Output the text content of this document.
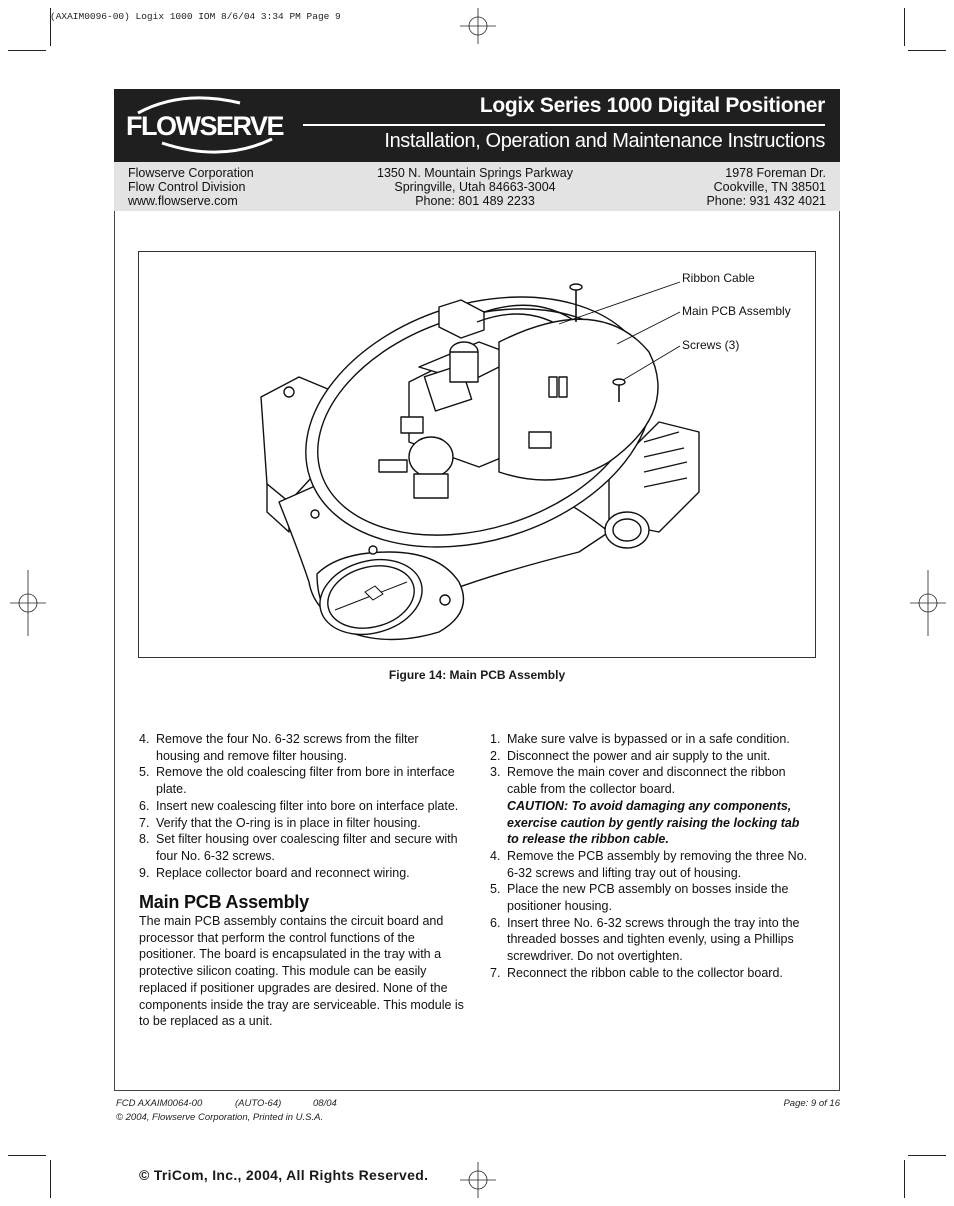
(AXAIM0096-00) Logix 1000 IOM 8/6/04 3:34 PM Page 9
FLOWSERVE
Logix Series 1000 Digital Positioner
Installation, Operation and Maintenance Instructions
Flowserve Corporation
Flow Control Division
www.flowserve.com
1350 N. Mountain Springs Parkway
Springville, Utah 84663-3004
Phone: 801 489 2233
1978 Foreman Dr.
Cookville, TN 38501
Phone: 931 432 4021
Ribbon Cable
Main PCB Assembly
Screws (3)
Figure 14: Main PCB Assembly
4. Remove the four No. 6-32 screws from the filter housing and remove filter housing.
5. Remove the old coalescing filter from bore in interface plate.
6. Insert new coalescing filter into bore on interface plate.
7. Verify that the O-ring is in place in filter housing.
8. Set filter housing over coalescing filter and secure with four No. 6-32 screws.
9. Replace collector board and reconnect wiring.
Main PCB Assembly
The main PCB assembly contains the circuit board and processor that perform the control functions of the positioner. The board is encapsulated in the tray with a protective silicon coating. This module can be easily replaced if positioner upgrades are desired. None of the components inside the tray are serviceable. This module is to be replaced as a unit.
1. Make sure valve is bypassed or in a safe condition.
2. Disconnect the power and air supply to the unit.
3. Remove the main cover and disconnect the ribbon cable from the collector board.
CAUTION: To avoid damaging any components, exercise caution by gently raising the locking tab to release the ribbon cable.
4. Remove the PCB assembly by removing the three No. 6-32 screws and lifting tray out of housing.
5. Place the new PCB assembly on bosses inside the positioner housing.
6. Insert three No. 6-32 screws through the tray into the threaded bosses and tighten evenly, using a Phillips screwdriver. Do not overtighten.
7. Reconnect the ribbon cable to the collector board.
FCD AXAIM0064-00	(AUTO-64)	08/04
© 2004, Flowserve Corporation, Printed in U.S.A.
Page: 9 of 16
© TriCom, Inc., 2004, All Rights Reserved.
